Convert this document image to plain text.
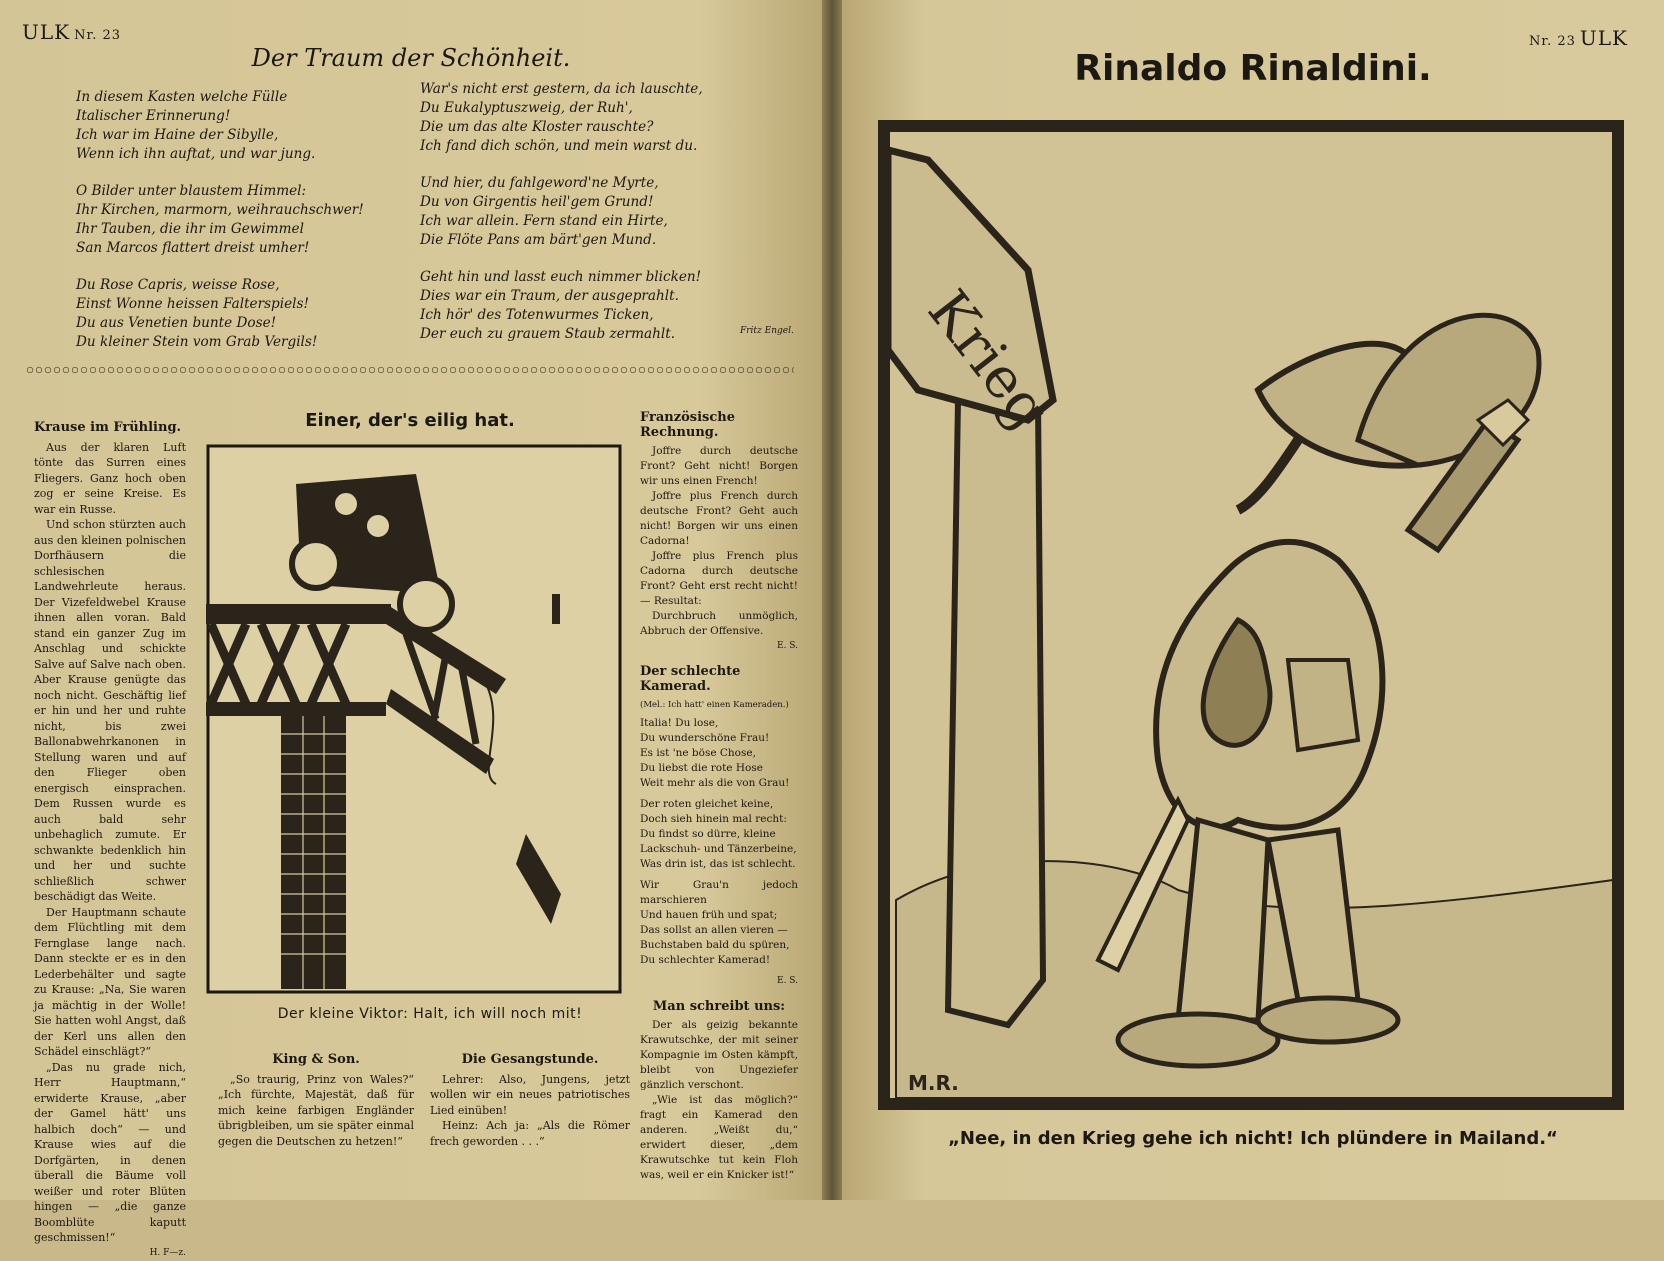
ULK Nr. 23
Der Traum der Schönheit.
In diesem Kasten welche Fülle
Italischer Erinnerung!
Ich war im Haine der Sibylle,
Wenn ich ihn auftat, und war jung.
O Bilder unter blaustem Himmel:
Ihr Kirchen, marmorn, weihrauchschwer!
Ihr Tauben, die ihr im Gewimmel
San Marcos flattert dreist umher!
Du Rose Capris, weisse Rose,
Einst Wonne heissen Falterspiels!
Du aus Venetien bunte Dose!
Du kleiner Stein vom Grab Vergils!
War's nicht erst gestern, da ich lauschte,
Du Eukalyptuszweig, der Ruh',
Die um das alte Kloster rauschte?
Ich fand dich schön, und mein warst du.
Und hier, du fahlgeword'ne Myrte,
Du von Girgentis heil'gem Grund!
Ich war allein. Fern stand ein Hirte,
Die Flöte Pans am bärt'gen Mund.
Geht hin und lasst euch nimmer blicken!
Dies war ein Traum, der ausgeprahlt.
Ich hör' des Totenwurmes Ticken,
Der euch zu grauem Staub zermahlt.	Fritz Engel.
Krause im Frühling.

Aus der klaren Luft tönte das Surren eines Fliegers. Ganz hoch oben zog er seine Kreise. Es war ein Russe.

Und schon stürzten auch aus den kleinen polnischen Dorfhäusern die schlesischen Landwehrleute heraus. Der Vizefeldwebel Krause ihnen allen voran. Bald stand ein ganzer Zug im Anschlag und schickte Salve auf Salve nach oben. Aber Krause genügte das noch nicht. Geschäftig lief er hin und her und ruhte nicht, bis zwei Ballonabwehrkanonen in Stellung waren und auf den Flieger oben energisch einsprachen. Dem Russen wurde es auch bald sehr unbehaglich zumute. Er schwankte bedenklich hin und her und suchte schließlich schwer beschädigt das Weite.

Der Hauptmann schaute dem Flüchtling mit dem Fernglase lange nach. Dann steckte er es in den Lederbehälter und sagte zu Krause: „Na, Sie waren ja mächtig in der Wolle! Sie hatten wohl Angst, daß der Kerl uns allen den Schädel einschlägt?“

„Das nu grade nich, Herr Hauptmann,“ erwiderte Krause, „aber der Gamel hätt' uns halbich doch“ — und Krause wies auf die Dorfgärten, in denen überall die Bäume voll weißer und roter Blüten hingen — „die ganze Boomblüte kaputt geschmissen!“

H. F—z.
Einer, der's eilig hat.
Der kleine Viktor: Halt, ich will noch mit!
King & Son.

„So traurig, Prinz von Wales?“ „Ich fürchte, Majestät, daß für mich keine farbigen Engländer übrigbleiben, um sie später einmal gegen die Deutschen zu hetzen!“

Die Gesangstunde.

Lehrer: Also, Jungens, jetzt wollen wir ein neues patriotisches Lied einüben!

Heinz: Ach ja: „Als die Römer frech geworden . . .“

Französische Rechnung.

Joffre durch deutsche Front? Geht nicht! Borgen wir uns einen French!

Joffre plus French durch deutsche Front? Geht auch nicht! Borgen wir uns einen Cadorna!

Joffre plus French plus Cadorna durch deutsche Front? Geht erst recht nicht! — Resultat:

Durchbruch unmöglich, Abbruch der Offensive.

E. S.
Der schlechte Kamerad.
(Mel.: Ich hatt' einen Kameraden.)
Italia! Du lose,
Du wunderschöne Frau!
Es ist 'ne böse Chose,
Du liebst die rote Hose
Weit mehr als die von Grau!
Der roten gleichet keine,
Doch sieh hinein mal recht:
Du findst so dürre, kleine
Lackschuh- und Tänzerbeine,
Was drin ist, das ist schlecht.
Wir Grau'n jedoch marschieren
Und hauen früh und spat;
Das sollst an allen vieren —
Buchstaben bald du spüren,
Du schlechter Kamerad!
E. S.
Man schreibt uns:

Der als geizig bekannte Krawutschke, der mit seiner Kompagnie im Osten kämpft, bleibt von Ungeziefer gänzlich verschont.

„Wie ist das möglich?“ fragt ein Kamerad den anderen. „Weißt du,“ erwidert dieser, „dem Krawutschke tut kein Floh was, weil er ein Knicker ist!“

Nr. 23 ULK
Rinaldo Rinaldini.
Krieg
M.R.
„Nee, in den Krieg gehe ich nicht! Ich plündere in Mailand.“
